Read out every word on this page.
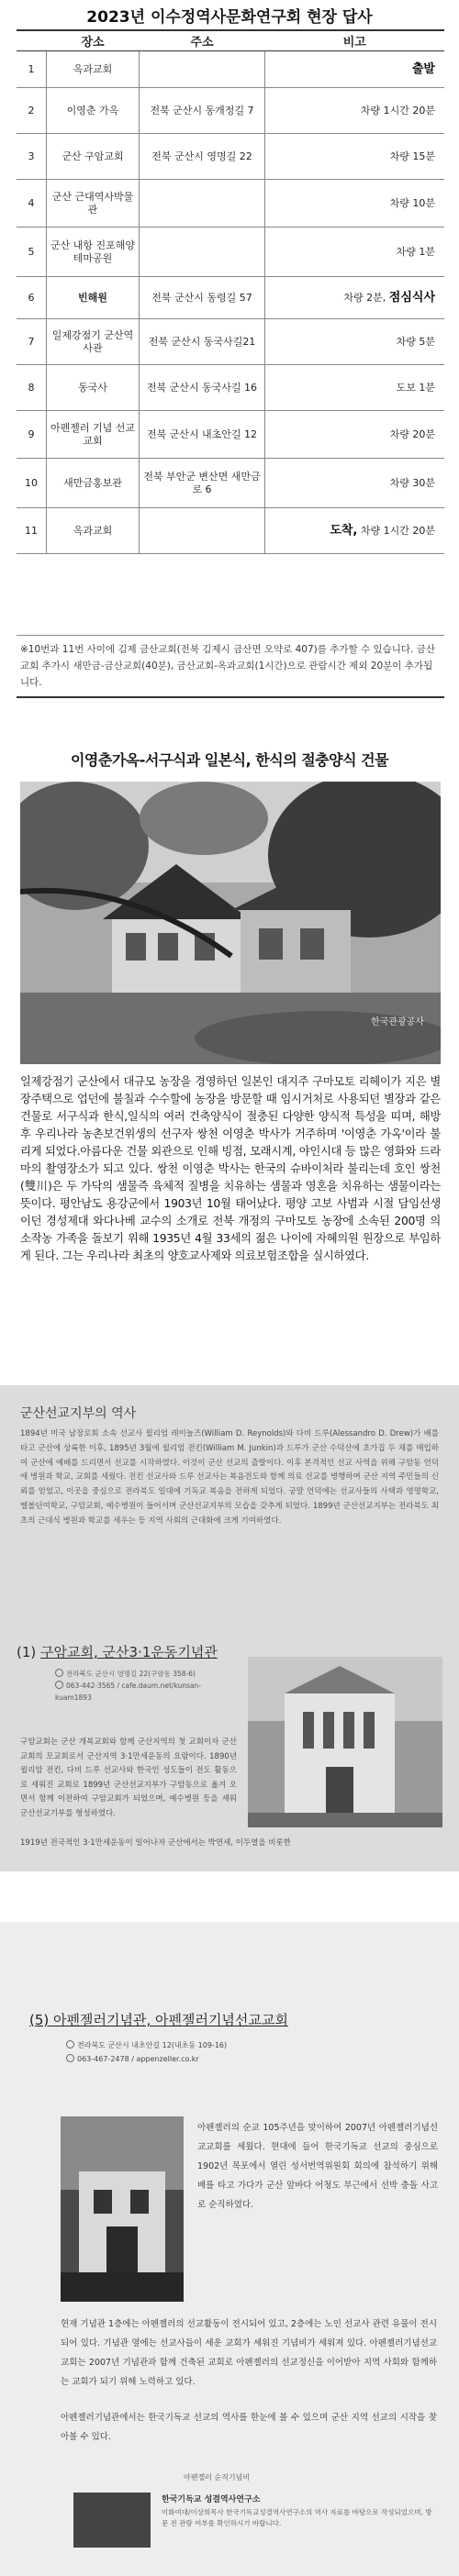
2023년 이수정역사문화연구회 현장 답사
	장소	주소	비고
1	옥과교회		출발
2	이영춘 가옥	전북 군산시 동개정길 7	차량 1시간 20분
3	군산 구암교회	전북 군산시 영명길 22	차량 15분
4	군산 근대역사박물관		차량 10분
5	군산 내항 진포해양테마공원		차량 1분
6	빈해원	전북 군산시 동령길 57	차량 2분, 점심식사
7	일제강점기 군산역사관	전북 군산시 동국사길21	차량 5분
8	동국사	전북 군산시 동국사길 16	도보 1분
9	아펜젤러 기념 선교 교회	전북 군산시 내초안길 12	차량 20분
10	새만금홍보관	전북 부안군 변산면 새만금로 6	차량 30분
11	옥과교회		도착, 차량 1시간 20분
※10번과 11번 사이에 김제 금산교회(전북 김제시 금산면 오약로 407)를 추가할 수 있습니다. 금산교회 추가시 새만금-금산교회(40분), 금산교회-옥과교회(1시간)으로 관람시간 제외 20분이 추가됩니다.
이영춘가옥-서구식과 일본식, 한식의 절충양식 건물
한국관광공사
일제강점기 군산에서 대규모 농장을 경영하던 일본인 대지주 구마모토 리헤이가 지은 별장주택으로 업던에 불칠과 수수할에 농장을 방문할 때 임시거처로 사용되던 별장과 같은 건물로 서구식과 한식,일식의 여러 건축양식이 절충된 다양한 양식적 특성을 띠며, 해방 후 우리나라 농촌보건위생의 선구자 쌍천 이영춘 박사가 거주하며 '이영춘 가옥'이라 불리게 되었다.아름다운 건물 외관으로 인해 빙점, 모래시계, 야인시대 등 많은 영화와 드라마의 촬영장소가 되고 있다. 쌍천 이영춘 박사는 한국의 슈바이처라 불리는데 호인 쌍천(雙川)은 두 가닥의 샘물즉 육체적 질병을 치유하는 샘물과 영혼을 치유하는 샘물이라는 뜻이다. 평안남도 용강군에서 1903년 10월 태어났다. 평양 고보 사범과 시절 담임선생이던 경성제대 와다나베 교수의 소개로 전북 개정의 구마모토 농장에 소속된 200명 의 소작농 가족을 돌보기 위해 1935년 4월 33세의 젊은 나이에 자혜의원 원장으로 부임하게 된다. 그는 우리나라 최초의 양호교사제와 의료보험조합을 실시하였다.
군산선교지부의 역사
1894년 미국 남장로회 소속 선교사 윌리엄 레이놀즈(William D. Reynolds)와 다비 드루(Alessandro D. Drew)가 배를 타고 군산에 상륙한 이후, 1895년 3월에 윌리엄 전킨(William M. Junkin)과 드루가 군산 수덕산에 초가집 두 채를 매입하여 군산에 예배를 드리면서 선교를 시작하였다. 이것이 군산 선교의 출발이다. 이후 본격적인 선교 사역을 위해 구암동 언덕에 병원과 학교, 교회를 세웠다. 전킨 선교사와 드루 선교사는 복음전도와 함께 의료 선교를 병행하며 군산 지역 주민들의 신뢰를 얻었고, 이곳을 중심으로 전라북도 일대에 기독교 복음을 전하게 되었다. 궁말 언덕에는 선교사들의 사택과 영명학교, 멜볼딘여학교, 구암교회, 예수병원이 들어서며 군산선교지부의 모습을 갖추게 되었다. 1899년 군산선교지부는 전라북도 최초의 근대식 병원과 학교를 세우는 등 지역 사회의 근대화에 크게 기여하였다.
(1) 구암교회, 군산3·1운동기념관
전라북도 군산시 영명길 22(구암동 358-6)
063-442-3565 / cafe.daum.net/kunsan-kuam1893
구암교회는 군산 개복교회와 함께 군산지역의 첫 교회이자 군산 교회의 모교회로서 군산지역 3·1만세운동의 요람이다. 1890년 윌리암 전킨, 다비 드루 선교사와 한국인 성도들이 전도 활동으로 세워진 교회로 1899년 군산선교지부가 구암동으로 옮겨 오면서 함께 이전하여 구암교회가 되었으며, 예수병원 등을 세워 군산선교기부를 형성하였다.
1919년 전국적인 3·1만세운동이 일어나자 군산에서는 박연세, 이두열을 비롯한
(5) 아펜젤러기념관, 아펜젤러기념선교교회
전라북도 군산시 내초안길 12(내초동 109-16)
063-467-2478 / appenzeller.co.kr
아펜젤러의 순교 105주년을 맞이하여 2007년 아펜젤러기념선교교회를 세웠다. 현대에 들어 한국기독교 선교의 중심으로 1902년 목포에서 열린 성서번역위원회 회의에 참석하기 위해 배를 타고 가다가 군산 앞바다 어청도 부근에서 선박 충돌 사고로 순직하였다.
현재 기념관 1층에는 아펜젤러의 선교활동이 전시되어 있고, 2층에는 노인 선교사 관련 유물이 전시되어 있다. 기념관 옆에는 선교사들이 세운 교회가 세워진 기념비가 세워져 있다. 아펜젤러기념선교교회는 2007년 기념관과 함께 건축된 교회로 아펜젤러의 선교정신을 이어받아 지역 사회와 함께하는 교회가 되기 위해 노력하고 있다.
아펜젤러기념관에서는 한국기독교 선교의 역사를 한눈에 볼 수 있으며 군산 지역 선교의 시작을 찾아볼 수 있다.
아펜젤러 순직기념비
한국기독교 성결역사연구소
이화여대/이상희목사 한국기독교성결역사연구소의 역사 자료를 바탕으로 작성되었으며, 방문 전 관람 여부를 확인하시기 바랍니다.
